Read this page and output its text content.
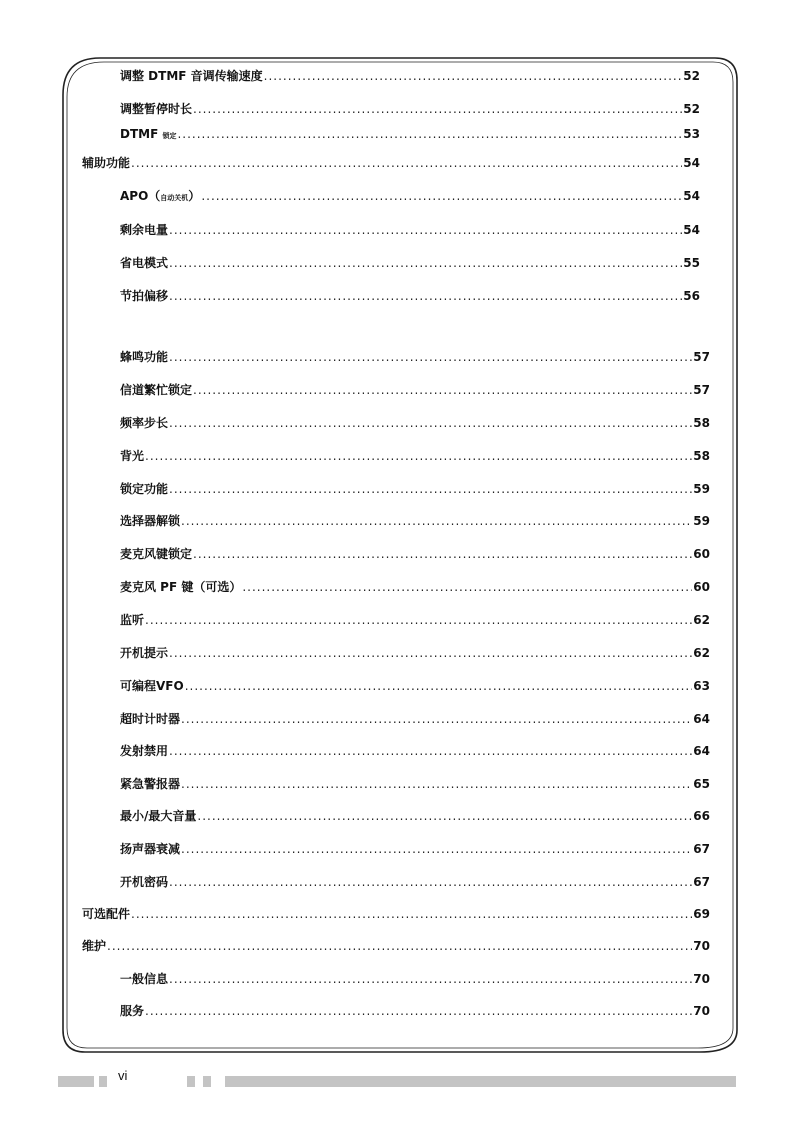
调整 DTMF 音调传输速度 .....	52
调整暂停时长 .....	52
DTMF 锁定 .....	53
辅助功能 .....	54
APO（自动关机） .....	54
剩余电量 .....	54
省电模式 .....	55
节拍偏移 .....	56
蜂鸣功能 .....	57
信道繁忙锁定 .....	57
频率步长 .....	58
背光 .....	58
锁定功能 .....	59
选择器解锁 .....	59
麦克风键锁定 .....	60
麦克风 PF 键（可选） .....	60
监听 .....	62
开机提示 .....	62
可编程VFO .....	63
超时计时器 .....	64
发射禁用 .....	64
紧急警报器 .....	65
最小/最大音量 .....	66
扬声器衰减 .....	67
开机密码 .....	67
可选配件 .....	69
维护 .....	70
一般信息 .....	70
服务 .....	70
vi
